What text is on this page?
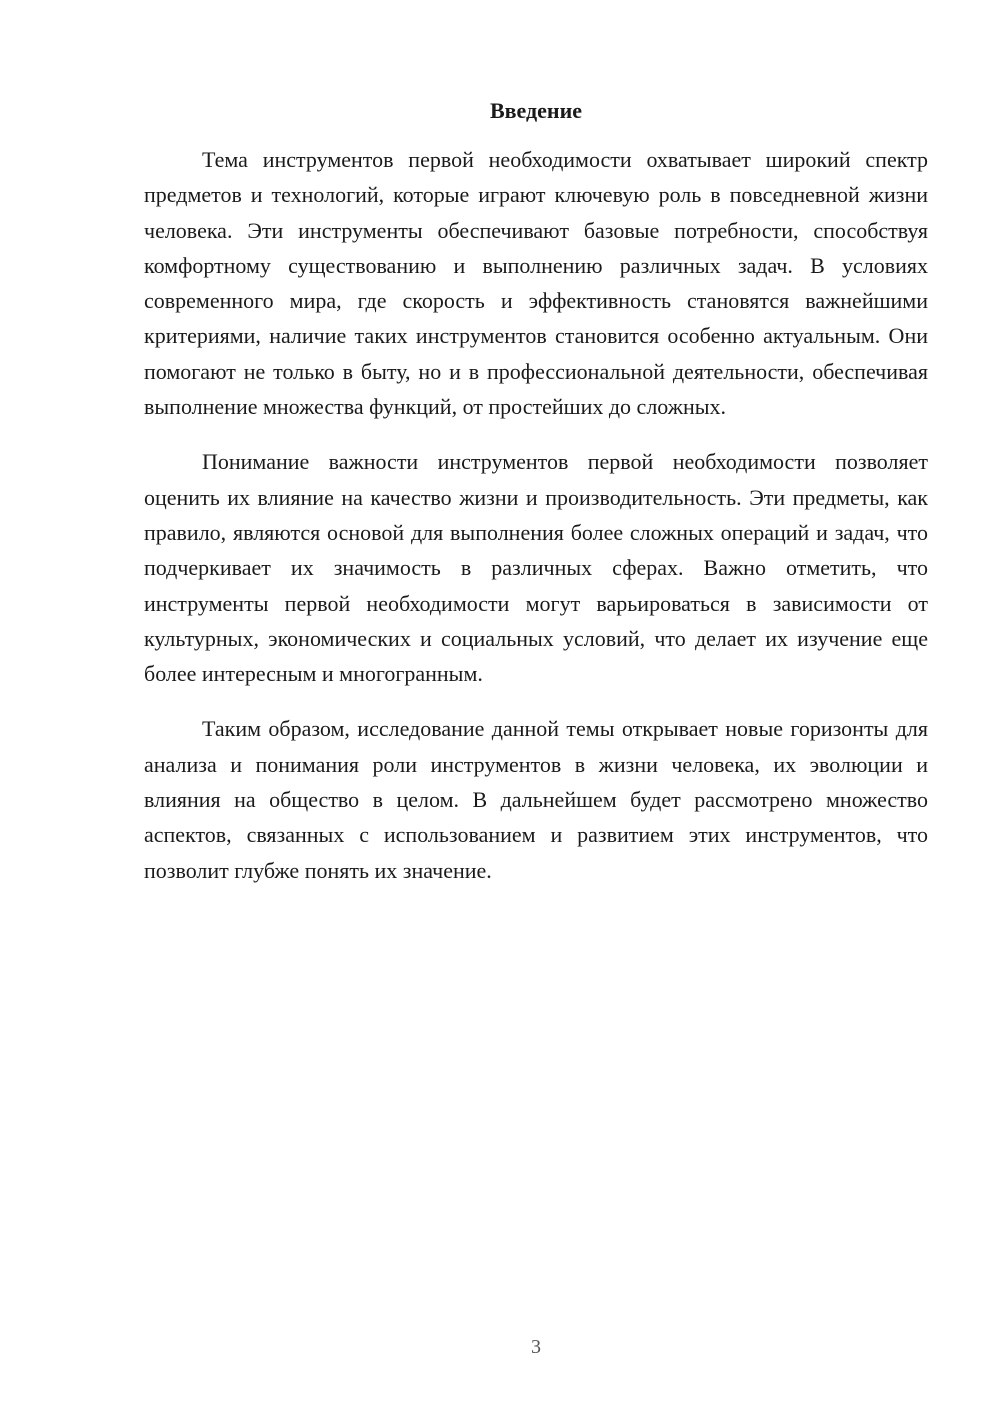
Введение

Тема инструментов первой необходимости охватывает широкий спектр предметов и технологий, которые играют ключевую роль в повседневной жизни человека. Эти инструменты обеспечивают базовые потребности, способствуя комфортному существованию и выполнению различных задач. В условиях современного мира, где скорость и эффективность становятся важнейшими критериями, наличие таких инструментов становится особенно актуальным. Они помогают не только в быту, но и в профессиональной деятельности, обеспечивая выполнение множества функций, от простейших до сложных.

Понимание важности инструментов первой необходимости позволяет оценить их влияние на качество жизни и производительность. Эти предметы, как правило, являются основой для выполнения более сложных операций и задач, что подчеркивает их значимость в различных сферах. Важно отметить, что инструменты первой необходимости могут варьироваться в зависимости от культурных, экономических и социальных условий, что делает их изучение еще более интересным и многогранным.

Таким образом, исследование данной темы открывает новые горизонты для анализа и понимания роли инструментов в жизни человека, их эволюции и влияния на общество в целом. В дальнейшем будет рассмотрено множество аспектов, связанных с использованием и развитием этих инструментов, что позволит глубже понять их значение.

3
